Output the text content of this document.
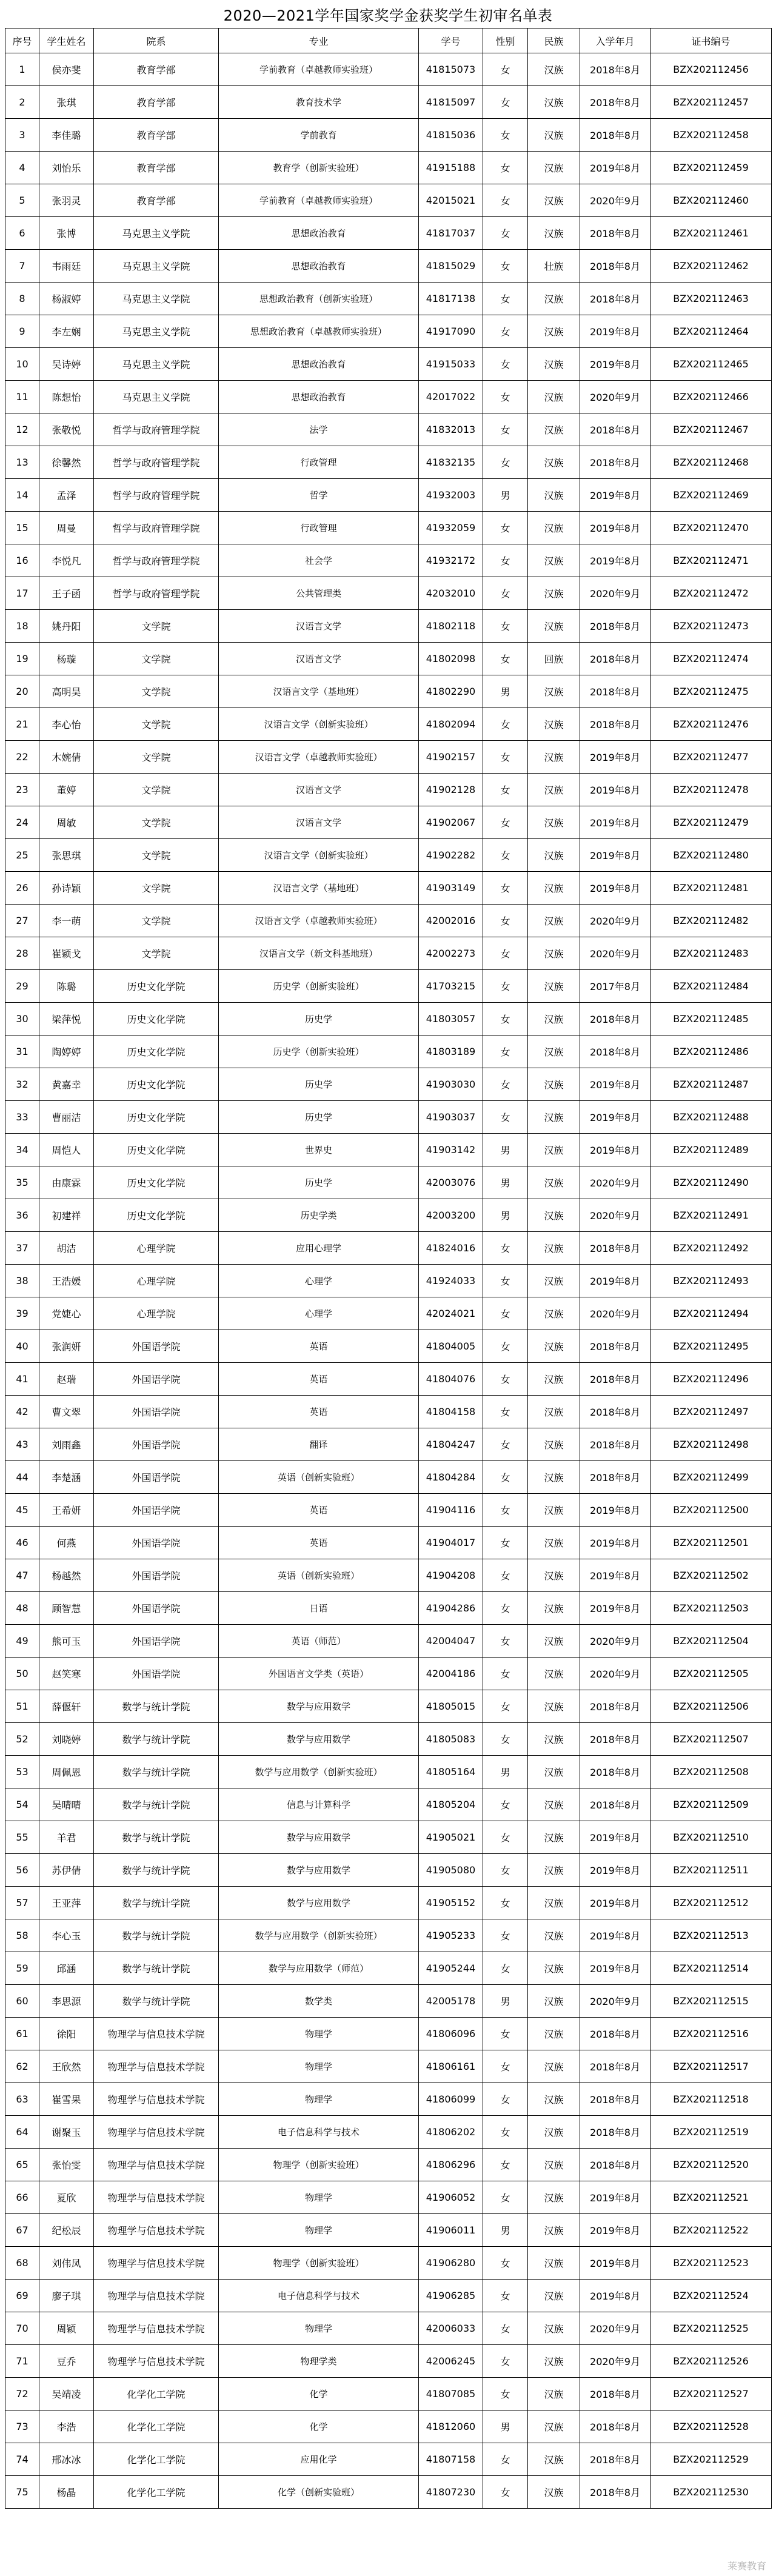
2020—2021学年国家奖学金获奖学生初审名单表
序号	学生姓名	院系	专业	学号	性别	民族	入学年月	证书编号
1	侯亦斐	教育学部	学前教育（卓越教师实验班）	41815073	女	汉族	2018年8月	BZX202112456
2	张琪	教育学部	教育技术学	41815097	女	汉族	2018年8月	BZX202112457
3	李佳璐	教育学部	学前教育	41815036	女	汉族	2018年8月	BZX202112458
4	刘怡乐	教育学部	教育学（创新实验班）	41915188	女	汉族	2019年8月	BZX202112459
5	张羽灵	教育学部	学前教育（卓越教师实验班）	42015021	女	汉族	2020年9月	BZX202112460
6	张博	马克思主义学院	思想政治教育	41817037	女	汉族	2018年8月	BZX202112461
7	韦雨廷	马克思主义学院	思想政治教育	41815029	女	壮族	2018年8月	BZX202112462
8	杨淑婷	马克思主义学院	思想政治教育（创新实验班）	41817138	女	汉族	2018年8月	BZX202112463
9	李左娴	马克思主义学院	思想政治教育（卓越教师实验班）	41917090	女	汉族	2019年8月	BZX202112464
10	吴诗婷	马克思主义学院	思想政治教育	41915033	女	汉族	2019年8月	BZX202112465
11	陈想怡	马克思主义学院	思想政治教育	42017022	女	汉族	2020年9月	BZX202112466
12	张敬悦	哲学与政府管理学院	法学	41832013	女	汉族	2018年8月	BZX202112467
13	徐馨然	哲学与政府管理学院	行政管理	41832135	女	汉族	2018年8月	BZX202112468
14	孟泽	哲学与政府管理学院	哲学	41932003	男	汉族	2019年8月	BZX202112469
15	周曼	哲学与政府管理学院	行政管理	41932059	女	汉族	2019年8月	BZX202112470
16	李悦凡	哲学与政府管理学院	社会学	41932172	女	汉族	2019年8月	BZX202112471
17	王子函	哲学与政府管理学院	公共管理类	42032010	女	汉族	2020年9月	BZX202112472
18	姚丹阳	文学院	汉语言文学	41802118	女	汉族	2018年8月	BZX202112473
19	杨璇	文学院	汉语言文学	41802098	女	回族	2018年8月	BZX202112474
20	高明昊	文学院	汉语言文学（基地班）	41802290	男	汉族	2018年8月	BZX202112475
21	李心怡	文学院	汉语言文学（创新实验班）	41802094	女	汉族	2018年8月	BZX202112476
22	木婉倩	文学院	汉语言文学（卓越教师实验班）	41902157	女	汉族	2019年8月	BZX202112477
23	董婷	文学院	汉语言文学	41902128	女	汉族	2019年8月	BZX202112478
24	周敏	文学院	汉语言文学	41902067	女	汉族	2019年8月	BZX202112479
25	张思琪	文学院	汉语言文学（创新实验班）	41902282	女	汉族	2019年8月	BZX202112480
26	孙诗颖	文学院	汉语言文学（基地班）	41903149	女	汉族	2019年8月	BZX202112481
27	李一萌	文学院	汉语言文学（卓越教师实验班）	42002016	女	汉族	2020年9月	BZX202112482
28	崔颖戈	文学院	汉语言文学（新文科基地班）	42002273	女	汉族	2020年9月	BZX202112483
29	陈璐	历史文化学院	历史学（创新实验班）	41703215	女	汉族	2017年8月	BZX202112484
30	梁萍悦	历史文化学院	历史学	41803057	女	汉族	2018年8月	BZX202112485
31	陶婷婷	历史文化学院	历史学（创新实验班）	41803189	女	汉族	2018年8月	BZX202112486
32	黄嘉幸	历史文化学院	历史学	41903030	女	汉族	2019年8月	BZX202112487
33	曹丽洁	历史文化学院	历史学	41903037	女	汉族	2019年8月	BZX202112488
34	周恺人	历史文化学院	世界史	41903142	男	汉族	2019年8月	BZX202112489
35	由康霖	历史文化学院	历史学	42003076	男	汉族	2020年9月	BZX202112490
36	初建祥	历史文化学院	历史学类	42003200	男	汉族	2020年9月	BZX202112491
37	胡洁	心理学院	应用心理学	41824016	女	汉族	2018年8月	BZX202112492
38	王浩媛	心理学院	心理学	41924033	女	汉族	2019年8月	BZX202112493
39	党婕心	心理学院	心理学	42024021	女	汉族	2020年9月	BZX202112494
40	张润妍	外国语学院	英语	41804005	女	汉族	2018年8月	BZX202112495
41	赵瑞	外国语学院	英语	41804076	女	汉族	2018年8月	BZX202112496
42	曹文翠	外国语学院	英语	41804158	女	汉族	2018年8月	BZX202112497
43	刘雨鑫	外国语学院	翻译	41804247	女	汉族	2018年8月	BZX202112498
44	李楚涵	外国语学院	英语（创新实验班）	41804284	女	汉族	2018年8月	BZX202112499
45	王希妍	外国语学院	英语	41904116	女	汉族	2019年8月	BZX202112500
46	何燕	外国语学院	英语	41904017	女	汉族	2019年8月	BZX202112501
47	杨越然	外国语学院	英语（创新实验班）	41904208	女	汉族	2019年8月	BZX202112502
48	顾智慧	外国语学院	日语	41904286	女	汉族	2019年8月	BZX202112503
49	熊可玉	外国语学院	英语（师范）	42004047	女	汉族	2020年9月	BZX202112504
50	赵笑寒	外国语学院	外国语言文学类（英语）	42004186	女	汉族	2020年9月	BZX202112505
51	薛偃轩	数学与统计学院	数学与应用数学	41805015	女	汉族	2018年8月	BZX202112506
52	刘晓婷	数学与统计学院	数学与应用数学	41805083	女	汉族	2018年8月	BZX202112507
53	周佩恩	数学与统计学院	数学与应用数学（创新实验班）	41805164	男	汉族	2018年8月	BZX202112508
54	吴晴晴	数学与统计学院	信息与计算科学	41805204	女	汉族	2018年8月	BZX202112509
55	羊君	数学与统计学院	数学与应用数学	41905021	女	汉族	2019年8月	BZX202112510
56	苏伊倩	数学与统计学院	数学与应用数学	41905080	女	汉族	2019年8月	BZX202112511
57	王亚萍	数学与统计学院	数学与应用数学	41905152	女	汉族	2019年8月	BZX202112512
58	李心玉	数学与统计学院	数学与应用数学（创新实验班）	41905233	女	汉族	2019年8月	BZX202112513
59	邱涵	数学与统计学院	数学与应用数学（师范）	41905244	女	汉族	2019年8月	BZX202112514
60	李思源	数学与统计学院	数学类	42005178	男	汉族	2020年9月	BZX202112515
61	徐阳	物理学与信息技术学院	物理学	41806096	女	汉族	2018年8月	BZX202112516
62	王欣然	物理学与信息技术学院	物理学	41806161	女	汉族	2018年8月	BZX202112517
63	崔雪果	物理学与信息技术学院	物理学	41806099	女	汉族	2018年8月	BZX202112518
64	谢聚玉	物理学与信息技术学院	电子信息科学与技术	41806202	女	汉族	2018年8月	BZX202112519
65	张怡雯	物理学与信息技术学院	物理学（创新实验班）	41806296	女	汉族	2018年8月	BZX202112520
66	夏欣	物理学与信息技术学院	物理学	41906052	女	汉族	2019年8月	BZX202112521
67	纪松辰	物理学与信息技术学院	物理学	41906011	男	汉族	2019年8月	BZX202112522
68	刘伟凤	物理学与信息技术学院	物理学（创新实验班）	41906280	女	汉族	2019年8月	BZX202112523
69	廖子琪	物理学与信息技术学院	电子信息科学与技术	41906285	女	汉族	2019年8月	BZX202112524
70	周颖	物理学与信息技术学院	物理学	42006033	女	汉族	2020年9月	BZX202112525
71	豆乔	物理学与信息技术学院	物理学类	42006245	女	汉族	2020年9月	BZX202112526
72	吴靖凌	化学化工学院	化学	41807085	女	汉族	2018年8月	BZX202112527
73	李浩	化学化工学院	化学	41812060	男	汉族	2018年8月	BZX202112528
74	邢冰冰	化学化工学院	应用化学	41807158	女	汉族	2018年8月	BZX202112529
75	杨晶	化学化工学院	化学（创新实验班）	41807230	女	汉族	2018年8月	BZX202112530
莱赛教育
